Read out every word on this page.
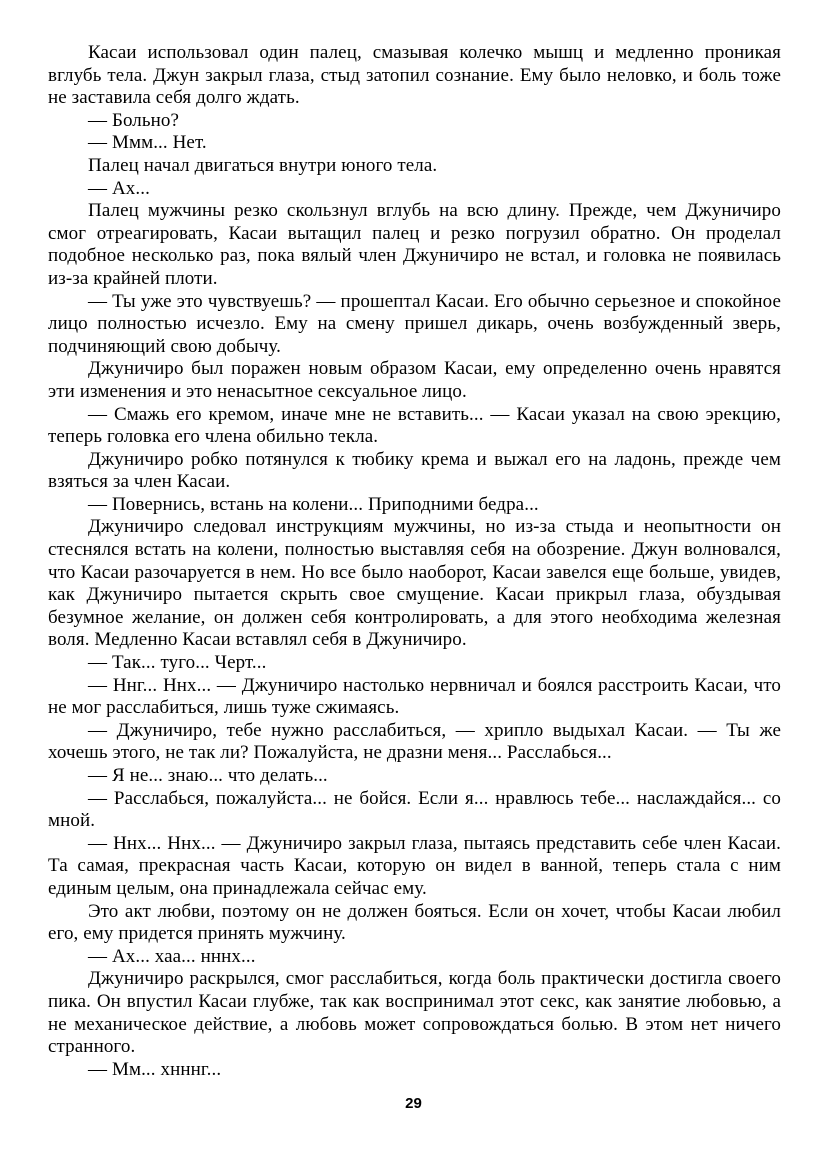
Касаи использовал один палец, смазывая колечко мышц и медленно проникая вглубь тела. Джун закрыл глаза, стыд затопил сознание. Ему было неловко, и боль тоже не заставила себя долго ждать.

— Больно?

— Ммм... Нет.

Палец начал двигаться внутри юного тела.

— Ах...

Палец мужчины резко скользнул вглубь на всю длину. Прежде, чем Джуничиро смог отреагировать, Касаи вытащил палец и резко погрузил обратно. Он проделал подобное несколько раз, пока вялый член Джуничиро не встал, и головка не появилась из-за крайней плоти.

— Ты уже это чувствуешь? — прошептал Касаи. Его обычно серьезное и спокойное лицо полностью исчезло. Ему на смену пришел дикарь, очень возбужденный зверь, подчиняющий свою добычу.

Джуничиро был поражен новым образом Касаи, ему определенно очень нравятся эти изменения и это ненасытное сексуальное лицо.

— Смажь его кремом, иначе мне не вставить... — Касаи указал на свою эрекцию, теперь головка его члена обильно текла.

Джуничиро робко потянулся к тюбику крема и выжал его на ладонь, прежде чем взяться за член Касаи.

— Повернись, встань на колени... Приподними бедра...

Джуничиро следовал инструкциям мужчины, но из-за стыда и неопытности он стеснялся встать на колени, полностью выставляя себя на обозрение. Джун волновался, что Касаи разочаруется в нем. Но все было наоборот, Касаи завелся еще больше, увидев, как Джуничиро пытается скрыть свое смущение. Касаи прикрыл глаза, обуздывая безумное желание, он должен себя контролировать, а для этого необходима железная воля. Медленно Касаи вставлял себя в Джуничиро.

— Так... туго... Черт...

— Ннг... Ннх... — Джуничиро настолько нервничал и боялся расстроить Касаи, что не мог расслабиться, лишь туже сжимаясь.

— Джуничиро, тебе нужно расслабиться, — хрипло выдыхал Касаи. — Ты же хочешь этого, не так ли? Пожалуйста, не дразни меня... Расслабься...

— Я не... знаю... что делать...

— Расслабься, пожалуйста... не бойся. Если я... нравлюсь тебе... наслаждайся... со мной.

— Ннх... Ннх... — Джуничиро закрыл глаза, пытаясь представить себе член Касаи. Та самая, прекрасная часть Касаи, которую он видел в ванной, теперь стала с ним единым целым, она принадлежала сейчас ему.

Это акт любви, поэтому он не должен бояться. Если он хочет, чтобы Касаи любил его, ему придется принять мужчину.

— Ах... хаа... нннх...

Джуничиро раскрылся, смог расслабиться, когда боль практически достигла своего пика. Он впустил Касаи глубже, так как воспринимал этот секс, как занятие любовью, а не механическое действие, а любовь может сопровождаться болью. В этом нет ничего странного.

— Мм... хнннг...

29
